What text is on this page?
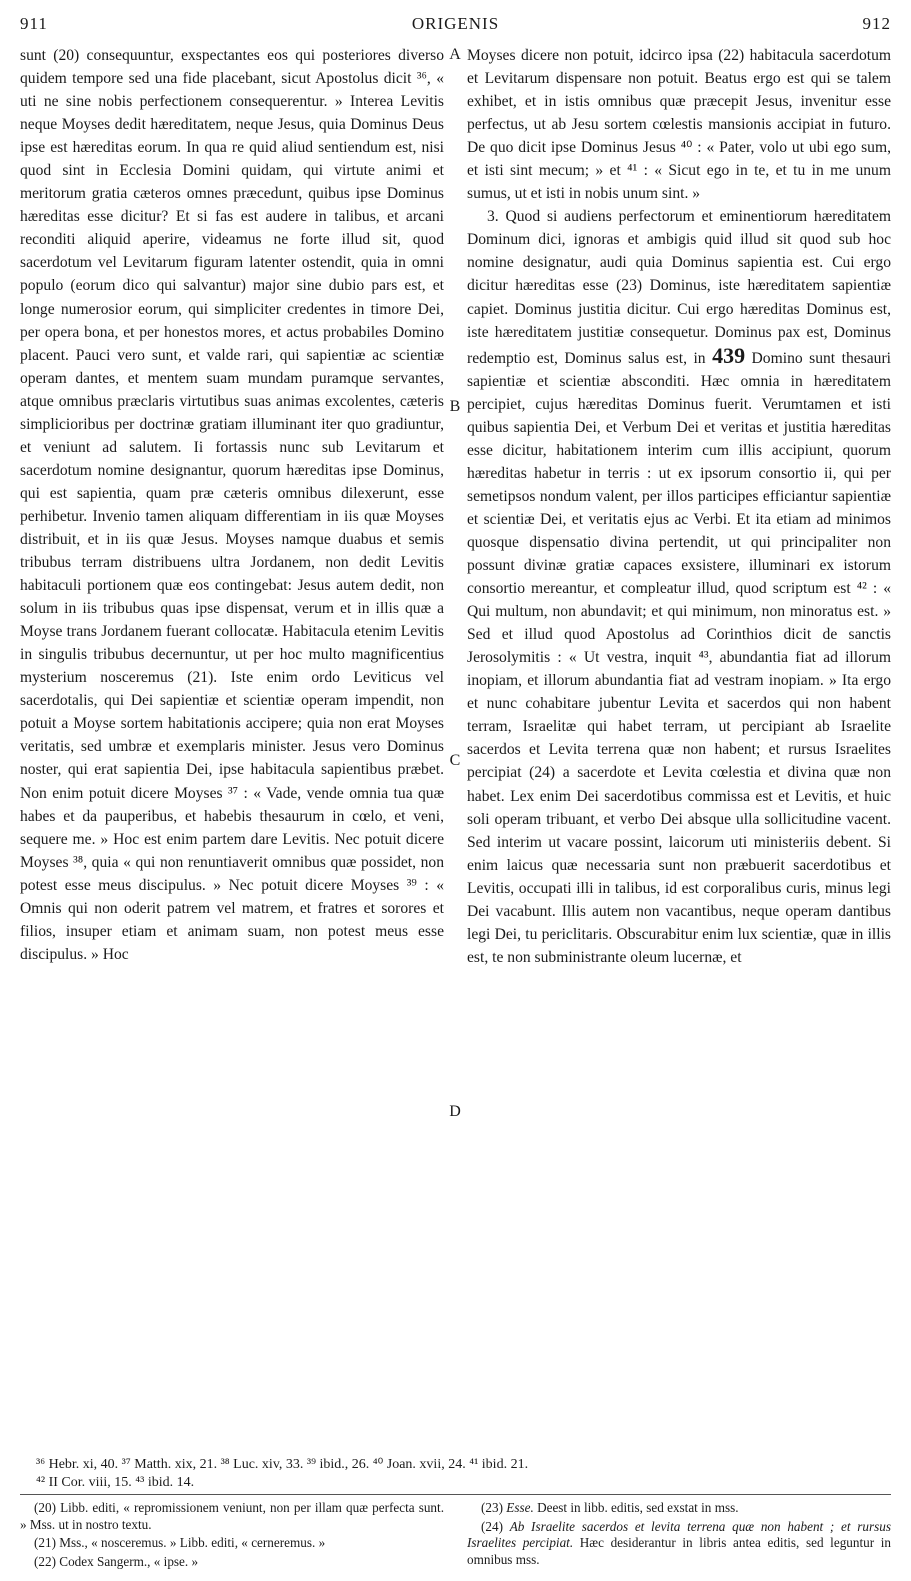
911	ORIGENIS	912

sunt (20) consequuntur, exspectantes eos qui posteriores diverso quidem tempore sed una fide placebant, sicut Apostolus dicit ³⁶, « uti ne sine nobis perfectionem consequerentur. » Interea Levitis neque Moyses dedit hæreditatem, neque Jesus, quia Dominus Deus ipse est hæreditas eorum. In qua re quid aliud sentiendum est, nisi quod sint in Ecclesia Domini quidam, qui virtute animi et meritorum gratia cæteros omnes præcedunt, quibus ipse Dominus hæreditas esse dicitur? Et si fas est audere in talibus, et arcani reconditi aliquid aperire, videamus ne forte illud sit, quod sacerdotum vel Levitarum figuram latenter ostendit, quia in omni populo (eorum dico qui salvantur) major sine dubio pars est, et longe numerosior eorum, qui simpliciter credentes in timore Dei, per opera bona, et per honestos mores, et actus probabiles Domino placent. Pauci vero sunt, et valde rari, qui sapientiæ ac scientiæ operam dantes, et mentem suam mundam puramque servantes, atque omnibus præclaris virtutibus suas animas excolentes, cæteris simplicioribus per doctrinæ gratiam illuminant iter quo gradiuntur, et veniunt ad salutem. Ii fortassis nunc sub Levitarum et sacerdotum nomine designantur, quorum hæreditas ipse Dominus, qui est sapientia, quam præ cæteris omnibus dilexerunt, esse perhibetur. Invenio tamen aliquam differentiam in iis quæ Moyses distribuit, et in iis quæ Jesus. Moyses namque duabus et semis tribubus terram distribuens ultra Jordanem, non dedit Levitis habitaculi portionem quæ eos contingebat: Jesus autem dedit, non solum in iis tribubus quas ipse dispensat, verum et in illis quæ a Moyse trans Jordanem fuerant collocatæ. Habitacula etenim Levitis in singulis tribubus decernuntur, ut per hoc multo magnificentius mysterium nosceremus (21). Iste enim ordo Leviticus vel sacerdotalis, qui Dei sapientiæ et scientiæ operam impendit, non potuit a Moyse sortem habitationis accipere; quia non erat Moyses veritatis, sed umbræ et exemplaris minister. Jesus vero Dominus noster, qui erat sapientia Dei, ipse habitacula sapientibus præbet. Non enim potuit dicere Moyses ³⁷ : « Vade, vende omnia tua quæ habes et da pauperibus, et habebis thesaurum in cœlo, et veni, sequere me. » Hoc est enim partem dare Levitis. Nec potuit dicere Moyses ³⁸, quia « qui non renuntiaverit omnibus quæ possidet, non potest esse meus discipulus. » Nec potuit dicere Moyses ³⁹ : « Omnis qui non oderit patrem vel matrem, et fratres et sorores et filios, insuper etiam et animam suam, non potest meus esse discipulus. » Hoc

A
B
C
D

Moyses dicere non potuit, idcirco ipsa (22) habitacula sacerdotum et Levitarum dispensare non potuit. Beatus ergo est qui se talem exhibet, et in istis omnibus quæ præcepit Jesus, invenitur esse perfectus, ut ab Jesu sortem cœlestis mansionis accipiat in futuro. De quo dicit ipse Dominus Jesus ⁴⁰ : « Pater, volo ut ubi ego sum, et isti sint mecum; » et ⁴¹ : « Sicut ego in te, et tu in me unum sumus, ut et isti in nobis unum sint. »

3. Quod si audiens perfectorum et eminentiorum hæreditatem Dominum dici, ignoras et ambigis quid illud sit quod sub hoc nomine designatur, audi quia Dominus sapientia est. Cui ergo dicitur hæreditas esse (23) Dominus, iste hæreditatem sapientiæ capiet. Dominus justitia dicitur. Cui ergo hæreditas Dominus est, iste hæreditatem justitiæ consequetur. Dominus pax est, Dominus redemptio est, Dominus salus est, in 439 Domino sunt thesauri sapientiæ et scientiæ absconditi. Hæc omnia in hæreditatem percipiet, cujus hæreditas Dominus fuerit. Verumtamen et isti quibus sapientia Dei, et Verbum Dei et veritas et justitia hæreditas esse dicitur, habitationem interim cum illis accipiunt, quorum hæreditas habetur in terris : ut ex ipsorum consortio ii, qui per semetipsos nondum valent, per illos participes efficiantur sapientiæ et scientiæ Dei, et veritatis ejus ac Verbi. Et ita etiam ad minimos quosque dispensatio divina pertendit, ut qui principaliter non possunt divinæ gratiæ capaces exsistere, illuminari ex istorum consortio mereantur, et compleatur illud, quod scriptum est ⁴² : « Qui multum, non abundavit; et qui minimum, non minoratus est. » Sed et illud quod Apostolus ad Corinthios dicit de sanctis Jerosolymitis : « Ut vestra, inquit ⁴³, abundantia fiat ad illorum inopiam, et illorum abundantia fiat ad vestram inopiam. » Ita ergo et nunc cohabitare jubentur Levita et sacerdos qui non habent terram, Israelitæ qui habet terram, ut percipiant ab Israelite sacerdos et Levita terrena quæ non habent; et rursus Israelites percipiat (24) a sacerdote et Levita cœlestia et divina quæ non habet. Lex enim Dei sacerdotibus commissa est et Levitis, et huic soli operam tribuant, et verbo Dei absque ulla sollicitudine vacent. Sed interim ut vacare possint, laicorum uti ministeriis debent. Si enim laicus quæ necessaria sunt non præbuerit sacerdotibus et Levitis, occupati illi in talibus, id est corporalibus curis, minus legi Dei vacabunt. Illis autem non vacantibus, neque operam dantibus legi Dei, tu periclitaris. Obscurabitur enim lux scientiæ, quæ in illis est, te non subministrante oleum lucernæ, et

³⁶ Hebr. xi, 40. ³⁷ Matth. xix, 21. ³⁸ Luc. xiv, 33. ³⁹ ibid., 26. ⁴⁰ Joan. xvii, 24. ⁴¹ ibid. 21.

⁴² II Cor. viii, 15. ⁴³ ibid. 14.

(20) Libb. editi, « repromissionem veniunt, non per illam quæ perfecta sunt. » Mss. ut in nostro textu.

(21) Mss., « nosceremus. » Libb. editi, « cerneremus. »

(22) Codex Sangerm., « ipse. »

(23) Esse. Deest in libb. editis, sed exstat in mss.

(24) Ab Israelite sacerdos et levita terrena quæ non habent ; et rursus Israelites percipiat. Hæc desiderantur in libris antea editis, sed leguntur in omnibus mss.
